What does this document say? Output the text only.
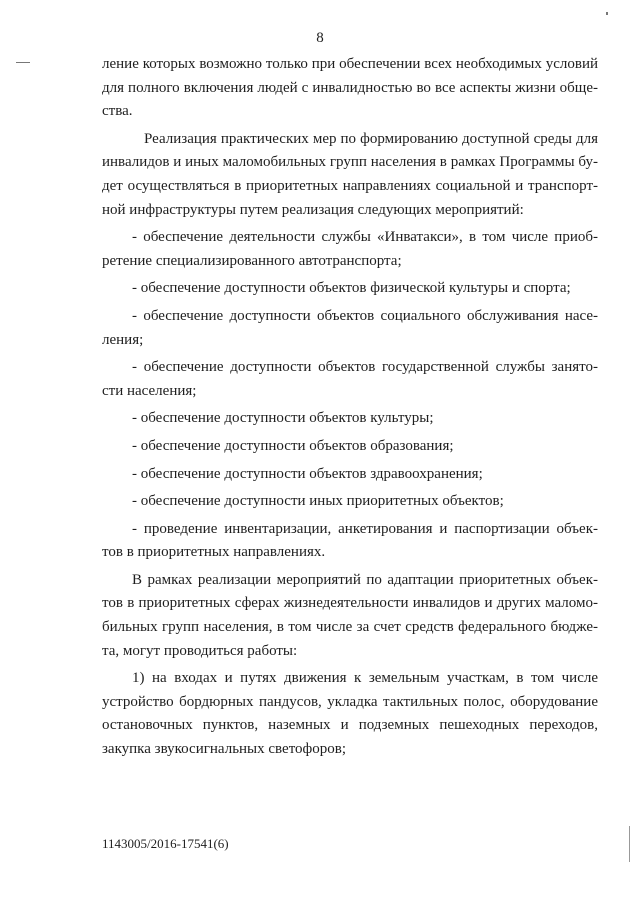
8
ление которых возможно только при обеспечении всех необходимых условий
для полного включения людей с инвалидностью во все аспекты жизни обще-
ства.
Реализация практических мер по формированию доступной среды для
инвалидов и иных маломобильных групп населения в рамках Программы бу-
дет осуществляться в приоритетных направлениях социальной и транспорт-
ной инфраструктуры путем реализация следующих мероприятий:
- обеспечение деятельности службы «Инватакси», в том числе приоб-
ретение специализированного автотранспорта;
- обеспечение доступности объектов физической культуры и спорта;
- обеспечение доступности объектов социального обслуживания насе-
ления;
- обеспечение доступности объектов государственной службы занято-
сти населения;
- обеспечение доступности объектов культуры;
- обеспечение доступности объектов образования;
- обеспечение доступности объектов здравоохранения;
- обеспечение доступности иных приоритетных объектов;
- проведение инвентаризации, анкетирования и паспортизации объек-
тов в приоритетных направлениях.
В рамках реализации мероприятий по адаптации приоритетных объек-
тов в приоритетных сферах жизнедеятельности инвалидов и других маломо-
бильных групп населения, в том числе за счет средств федерального бюдже-
та, могут проводиться работы:
1) на входах и путях движения к земельным участкам, в том числе
устройство бордюрных пандусов, укладка тактильных полос, оборудование
остановочных пунктов, наземных и подземных пешеходных переходов,
закупка звукосигнальных светофоров;
1143005/2016-17541(6)
